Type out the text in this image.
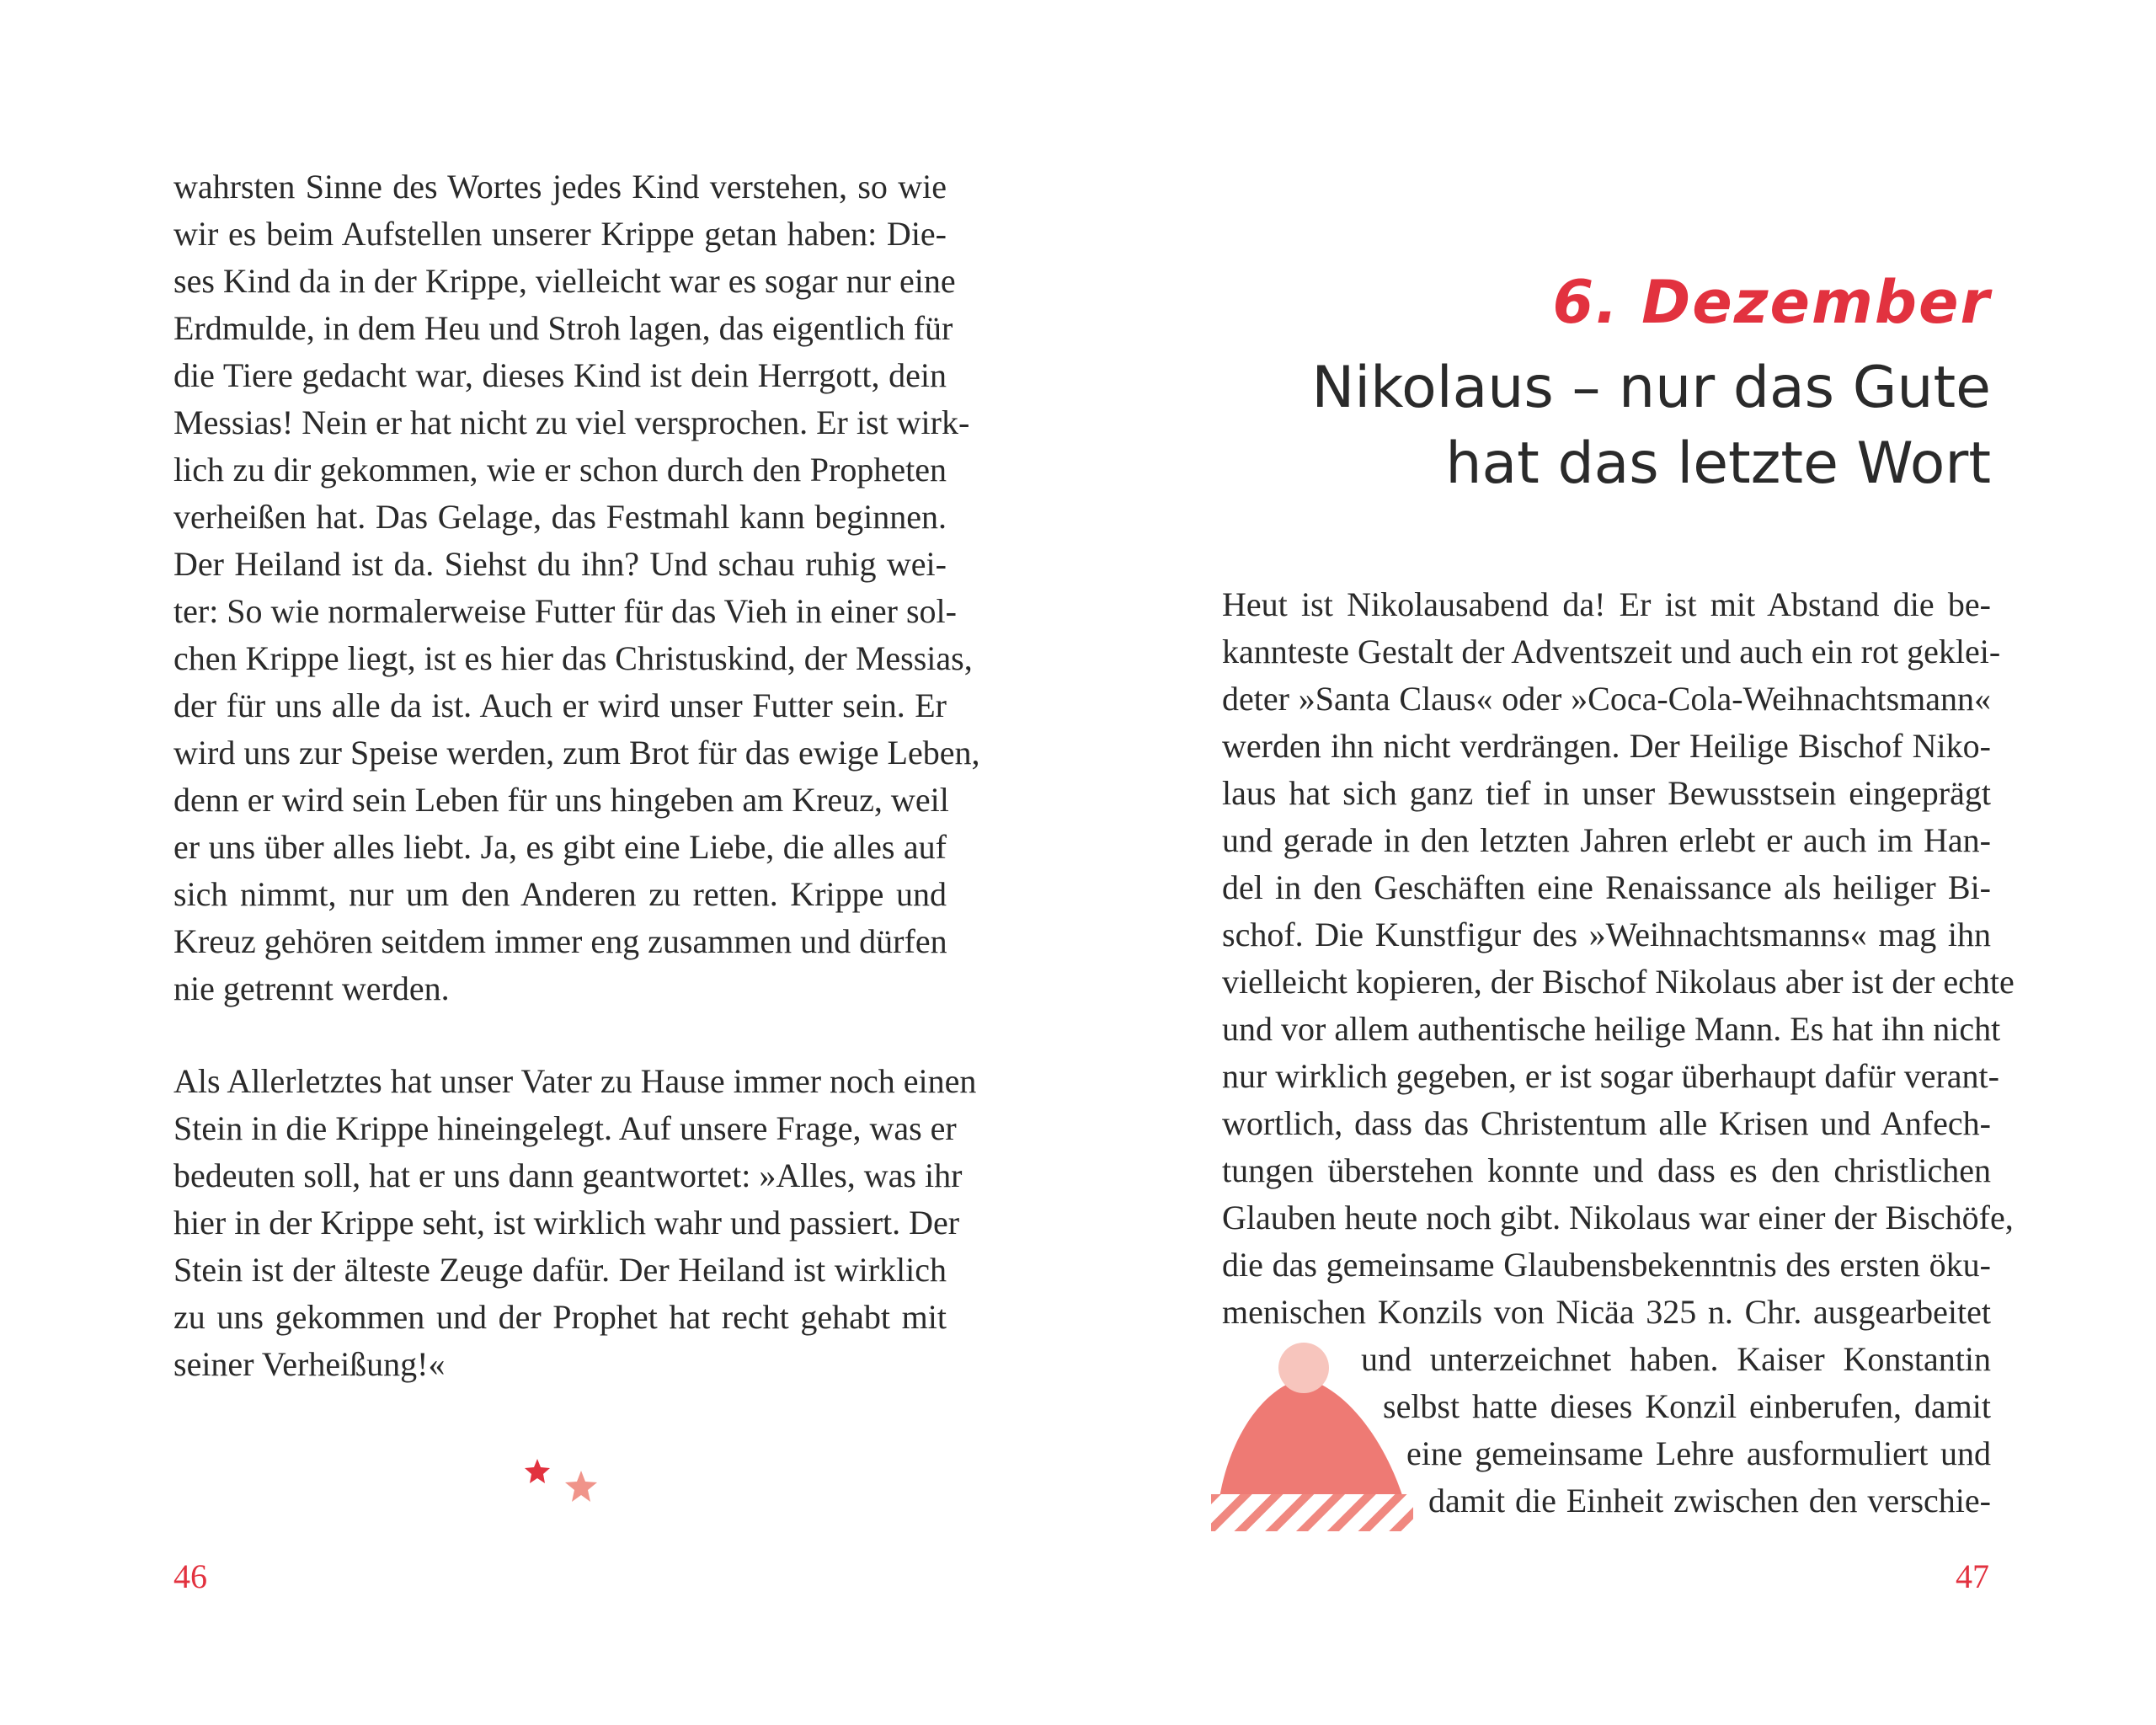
wahrsten Sinne des Wortes jedes Kind verstehen, so wie
wir es beim Aufstellen unserer Krippe getan haben: Die-
ses Kind da in der Krippe, vielleicht war es sogar nur eine
Erdmulde, in dem Heu und Stroh lagen, das eigentlich für
die Tiere gedacht war, dieses Kind ist dein Herrgott, dein
Messias! Nein er hat nicht zu viel versprochen. Er ist wirk-
lich zu dir gekommen, wie er schon durch den Propheten
verheißen hat. Das Gelage, das Festmahl kann beginnen.
Der Heiland ist da. Siehst du ihn? Und schau ruhig wei-
ter: So wie normalerweise Futter für das Vieh in einer sol-
chen Krippe liegt, ist es hier das Christuskind, der Messias,
der für uns alle da ist. Auch er wird unser Futter sein. Er
wird uns zur Speise werden, zum Brot für das ewige Leben,
denn er wird sein Leben für uns hingeben am Kreuz, weil
er uns über alles liebt. Ja, es gibt eine Liebe, die alles auf
sich nimmt, nur um den Anderen zu retten. Krippe und
Kreuz gehören seitdem immer eng zusammen und dürfen
nie getrennt werden.
Als Allerletztes hat unser Vater zu Hause immer noch einen
Stein in die Krippe hineingelegt. Auf unsere Frage, was er
bedeuten soll, hat er uns dann geantwortet: »Alles, was ihr
hier in der Krippe seht, ist wirklich wahr und passiert. Der
Stein ist der älteste Zeuge dafür. Der Heiland ist wirklich
zu uns gekommen und der Prophet hat recht gehabt mit
seiner Verheißung!«
46
6. Dezember
Nikolaus – nur das Gute
hat das letzte Wort
Heut ist Nikolausabend da! Er ist mit Abstand die be-
kannteste Gestalt der Adventszeit und auch ein rot geklei-
deter »Santa Claus« oder »Coca-Cola-Weihnachtsmann«
werden ihn nicht verdrängen. Der Heilige Bischof Niko-
laus hat sich ganz tief in unser Bewusstsein eingeprägt
und gerade in den letzten Jahren erlebt er auch im Han-
del in den Geschäften eine Renaissance als heiliger Bi-
schof. Die Kunstfigur des »Weihnachtsmanns« mag ihn
vielleicht kopieren, der Bischof Nikolaus aber ist der echte
und vor allem authentische heilige Mann. Es hat ihn nicht
nur wirklich gegeben, er ist sogar überhaupt dafür verant-
wortlich, dass das Christentum alle Krisen und Anfech-
tungen überstehen konnte und dass es den christlichen
Glauben heute noch gibt. Nikolaus war einer der Bischöfe,
die das gemeinsame Glaubensbekenntnis des ersten öku-
menischen Konzils von Nicäa 325 n. Chr. ausgearbeitet
und unterzeichnet haben. Kaiser Konstantin
selbst hatte dieses Konzil einberufen, damit
eine gemeinsame Lehre ausformuliert und
damit die Einheit zwischen den verschie-
47
